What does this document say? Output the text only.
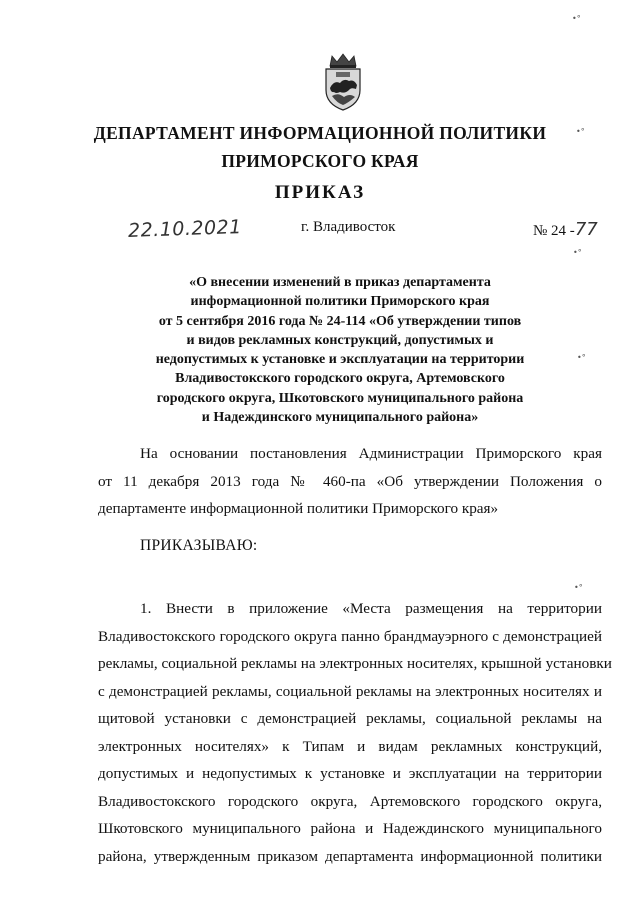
ДЕПАРТАМЕНТ ИНФОРМАЦИОННОЙ ПОЛИТИКИ
ПРИМОРСКОГО КРАЯ
ПРИКАЗ
22.10.2021	г. Владивосток	№ 24 -77
«О внесении изменений в приказ департамента
информационной политики Приморского края
от 5 сентября 2016 года № 24-114 «Об утверждении типов
и видов рекламных конструкций, допустимых и
недопустимых к установке и эксплуатации на территории
Владивостокского городского округа, Артемовского
городского округа, Шкотовского муниципального района
и Надеждинского муниципального района»
На основании постановления Администрации Приморского края
от 11 декабря 2013 года № 460-па «Об утверждении Положения о
департаменте информационной политики Приморского края»
ПРИКАЗЫВАЮ:
1. Внести в приложение «Места размещения на территории
Владивостокского городского округа панно брандмауэрного с демонстрацией
рекламы, социальной рекламы на электронных носителях, крышной установки
с демонстрацией рекламы, социальной рекламы на электронных носителях и
щитовой установки с демонстрацией рекламы, социальной рекламы на
электронных носителях» к Типам и видам рекламных конструкций,
допустимых и недопустимых к установке и эксплуатации на территории
Владивостокского городского округа, Артемовского городского округа,
Шкотовского муниципального района и Надеждинского муниципального
района, утвержденным приказом департамента информационной политики
•°
•°
•°
•°
•°
